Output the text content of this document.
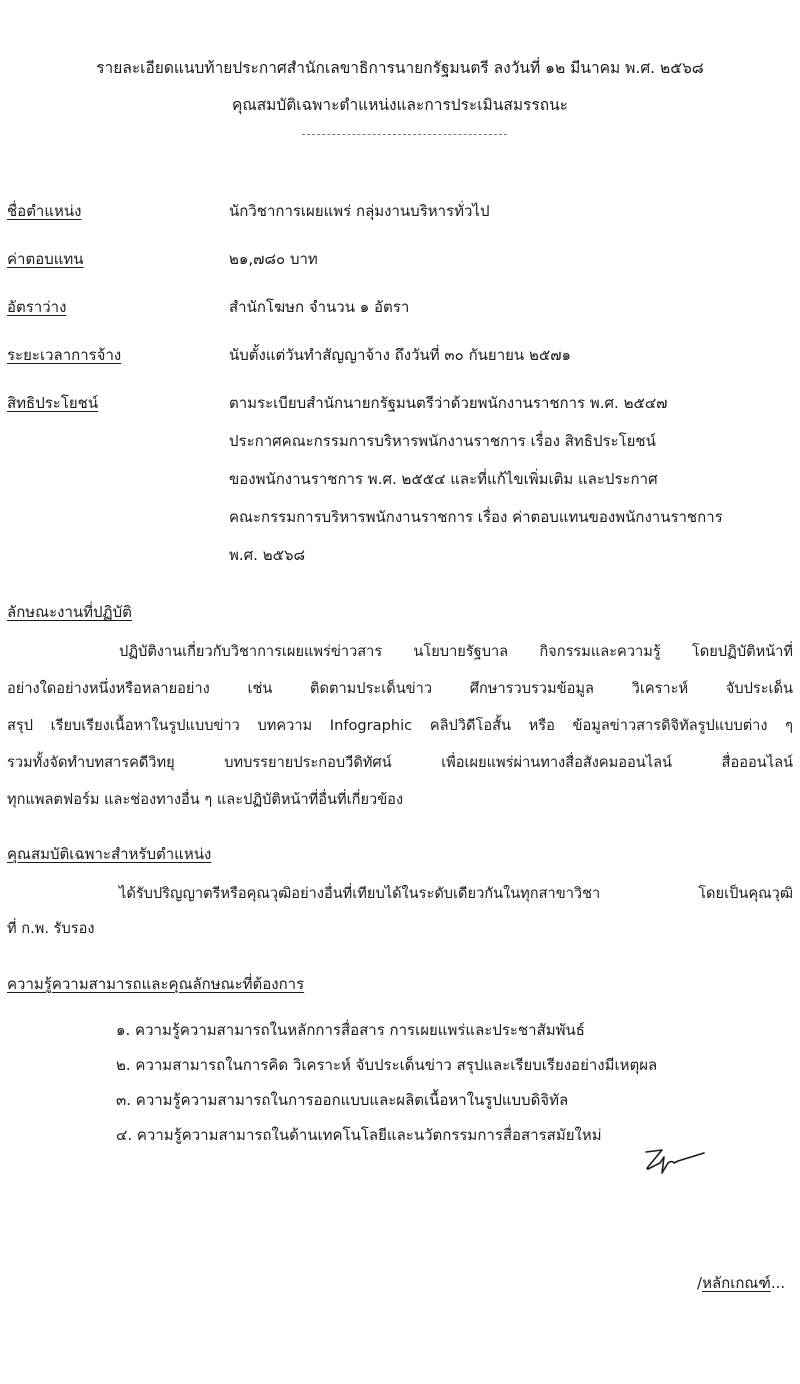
รายละเอียดแนบท้ายประกาศสำนักเลขาธิการนายกรัฐมนตรี ลงวันที่ ๑๒ มีนาคม พ.ศ. ๒๕๖๘
คุณสมบัติเฉพาะตำแหน่งและการประเมินสมรรถนะ
ชื่อตำแหน่ง	นักวิชาการเผยแพร่ กลุ่มงานบริหารทั่วไป
ค่าตอบแทน	๒๑,๗๘๐ บาท
อัตราว่าง	สำนักโฆษก จำนวน ๑ อัตรา
ระยะเวลาการจ้าง	นับตั้งแต่วันทำสัญญาจ้าง ถึงวันที่ ๓๐ กันยายน ๒๕๗๑
สิทธิประโยชน์	ตามระเบียบสำนักนายกรัฐมนตรีว่าด้วยพนักงานราชการ พ.ศ. ๒๕๔๗
ประกาศคณะกรรมการบริหารพนักงานราชการ เรื่อง สิทธิประโยชน์
ของพนักงานราชการ พ.ศ. ๒๕๕๔ และที่แก้ไขเพิ่มเติม และประกาศ
คณะกรรมการบริหารพนักงานราชการ เรื่อง ค่าตอบแทนของพนักงานราชการ
พ.ศ. ๒๕๖๘
ลักษณะงานที่ปฏิบัติ
ปฏิบัติงานเกี่ยวกับวิชาการเผยแพร่ข่าวสาร นโยบายรัฐบาล กิจกรรมและความรู้ โดยปฏิบัติหน้าที่
อย่างใดอย่างหนึ่งหรือหลายอย่าง เช่น ติดตามประเด็นข่าว ศึกษารวบรวมข้อมูล วิเคราะห์ จับประเด็น
สรุป เรียบเรียงเนื้อหาในรูปแบบข่าว บทความ Infographic คลิปวิดีโอสั้น หรือ ข้อมูลข่าวสารดิจิทัลรูปแบบต่าง ๆ
รวมทั้งจัดทำบทสารคดีวิทยุ บทบรรยายประกอบวีดิทัศน์ เพื่อเผยแพร่ผ่านทางสื่อสังคมออนไลน์ สื่อออนไลน์
ทุกแพลตฟอร์ม และช่องทางอื่น ๆ และปฏิบัติหน้าที่อื่นที่เกี่ยวข้อง
คุณสมบัติเฉพาะสำหรับตำแหน่ง
ได้รับปริญญาตรีหรือคุณวุฒิอย่างอื่นที่เทียบได้ในระดับเดียวกันในทุกสาขาวิชา โดยเป็นคุณวุฒิ
ที่ ก.พ. รับรอง
ความรู้ความสามารถและคุณลักษณะที่ต้องการ
๑. ความรู้ความสามารถในหลักการสื่อสาร การเผยแพร่และประชาสัมพันธ์
๒. ความสามารถในการคิด วิเคราะห์ จับประเด็นข่าว สรุปและเรียบเรียงอย่างมีเหตุผล
๓. ความรู้ความสามารถในการออกแบบและผลิตเนื้อหาในรูปแบบดิจิทัล
๔. ความรู้ความสามารถในด้านเทคโนโลยีและนวัตกรรมการสื่อสารสมัยใหม่
/หลักเกณฑ์...
